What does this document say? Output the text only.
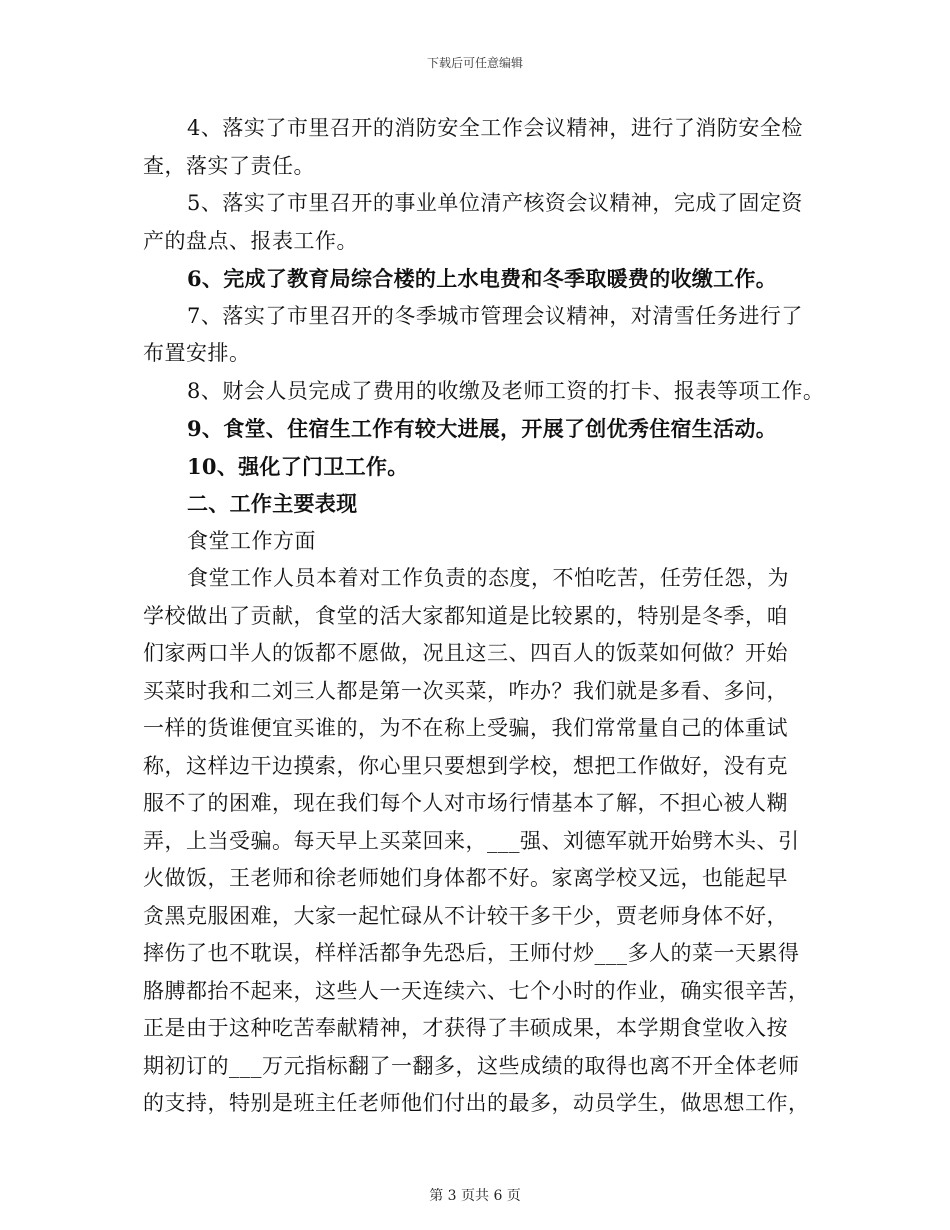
下载后可任意编辑
4、落实了市里召开的消防安全工作会议精神，进行了消防安全检
查，落实了责任。
5、落实了市里召开的事业单位清产核资会议精神，完成了固定资
产的盘点、报表工作。
6、完成了教育局综合楼的上水电费和冬季取暖费的收缴工作。
7、落实了市里召开的冬季城市管理会议精神，对清雪任务进行了
布置安排。
8、财会人员完成了费用的收缴及老师工资的打卡、报表等项工作。
9、食堂、住宿生工作有较大进展，开展了创优秀住宿生活动。
10、强化了门卫工作。
二、工作主要表现
食堂工作方面
食堂工作人员本着对工作负责的态度，不怕吃苦，任劳任怨，为
学校做出了贡献，食堂的活大家都知道是比较累的，特别是冬季，咱
们家两口半人的饭都不愿做，况且这三、四百人的饭菜如何做？开始
买菜时我和二刘三人都是第一次买菜，咋办？我们就是多看、多问，
一样的货谁便宜买谁的，为不在称上受骗，我们常常量自己的体重试
称，这样边干边摸索，你心里只要想到学校，想把工作做好，没有克
服不了的困难，现在我们每个人对市场行情基本了解，不担心被人糊
弄，上当受骗。每天早上买菜回来，___强、刘德军就开始劈木头、引
火做饭，王老师和徐老师她们身体都不好。家离学校又远，也能起早
贪黑克服困难，大家一起忙碌从不计较干多干少，贾老师身体不好，
摔伤了也不耽误，样样活都争先恐后，王师付炒___多人的菜一天累得
胳膊都抬不起来，这些人一天连续六、七个小时的作业，确实很辛苦，
正是由于这种吃苦奉献精神，才获得了丰硕成果，本学期食堂收入按
期初订的___万元指标翻了一翻多，这些成绩的取得也离不开全体老师
的支持，特别是班主任老师他们付出的最多，动员学生，做思想工作，
第 3 页共 6 页
